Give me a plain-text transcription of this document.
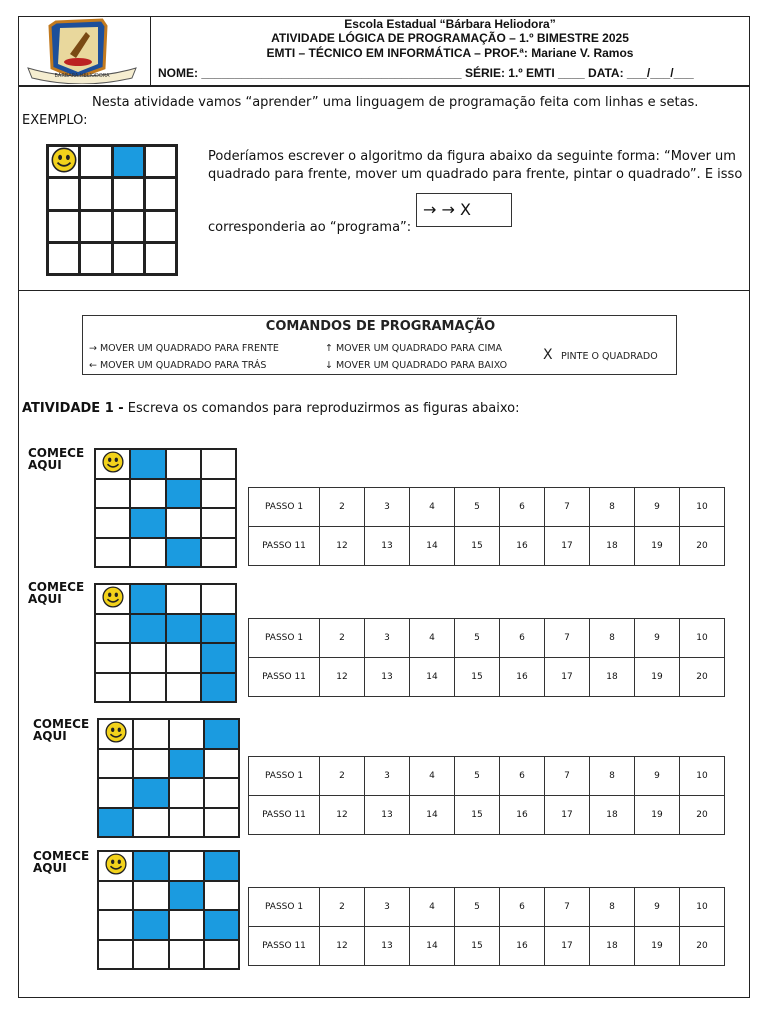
BÁRBARA HELIODORA
Escola Estadual “Bárbara Heliodora”
ATIVIDADE LÓGICA DE PROGRAMAÇÃO – 1.º BIMESTRE 2025
EMTI – TÉCNICO EM INFORMÁTICA – PROF.ª: Mariane V. Ramos
NOME: _______________________________________ SÉRIE: 1.º EMTI ____ DATA: ___/___/___
Nesta atividade vamos “aprender” uma linguagem de programação feita com linhas e setas.
EXEMPLO:
Poderíamos escrever o algoritmo da figura abaixo da seguinte forma: “Mover um
quadrado para frente, mover um quadrado para frente, pintar o quadrado”. E isso
corresponderia ao “programa”:
→ → X
COMANDOS DE PROGRAMAÇÃO
→ MOVER UM QUADRADO PARA FRENTE
← MOVER UM QUADRADO PARA TRÁS
↑ MOVER UM QUADRADO PARA CIMA
↓ MOVER UM QUADRADO PARA BAIXO
X PINTE O QUADRADO
ATIVIDADE 1 - Escreva os comandos para reproduzirmos as figuras abaixo:
COMECE AQUI
PASSO 1	2	3	4	5	6	7	8	9	10
PASSO 11	12	13	14	15	16	17	18	19	20
COMECE AQUI
PASSO 1	2	3	4	5	6	7	8	9	10
PASSO 11	12	13	14	15	16	17	18	19	20
COMECE AQUI
PASSO 1	2	3	4	5	6	7	8	9	10
PASSO 11	12	13	14	15	16	17	18	19	20
COMECE AQUI
PASSO 1	2	3	4	5	6	7	8	9	10
PASSO 11	12	13	14	15	16	17	18	19	20
